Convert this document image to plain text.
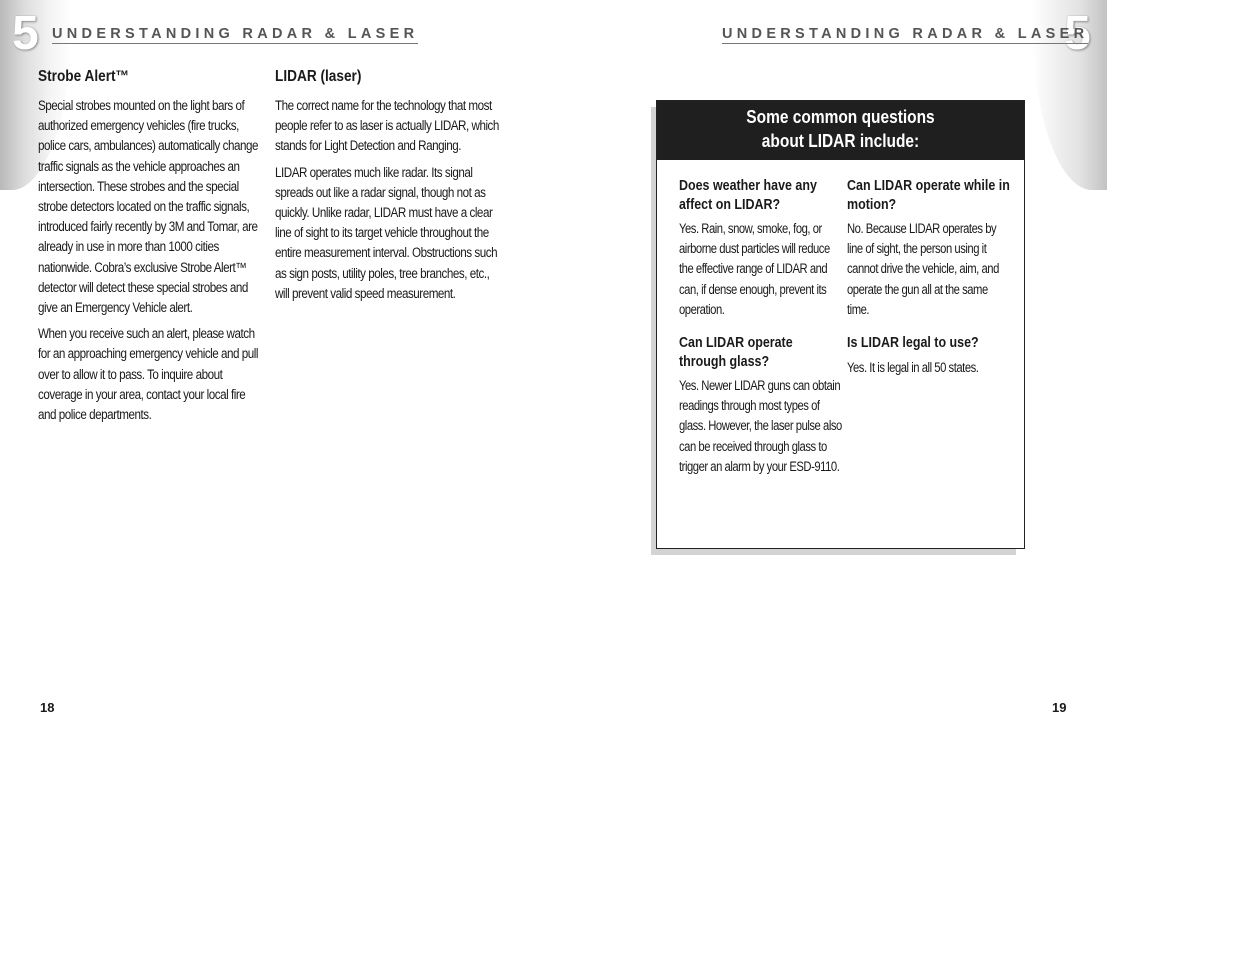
5 UNDERSTANDING RADAR & LASER
Strobe Alert™

Special strobes mounted on the light bars of authorized emergency vehicles (fire trucks, police cars, ambulances) automatically change traffic signals as the vehicle approaches an intersection. These strobes and the special strobe detectors located on the traffic signals, introduced fairly recently by 3M and Tomar, are already in use in more than 1000 cities nationwide. Cobra’s exclusive Strobe Alert™ detector will detect these special strobes and give an Emergency Vehicle alert.

When you receive such an alert, please watch for an approaching emergency vehicle and pull over to allow it to pass. To inquire about coverage in your area, contact your local fire and police departments.

LIDAR (laser)

The correct name for the technology that most people refer to as laser is actually LIDAR, which stands for Light Detection and Ranging.

LIDAR operates much like radar. Its signal spreads out like a radar signal, though not as quickly. Unlike radar, LIDAR must have a clear line of sight to its target vehicle throughout the entire measurement interval. Obstructions such as sign posts, utility poles, tree branches, etc., will prevent valid speed measurement.

18
5
UNDERSTANDING RADAR & LASER
Some common questions
about LIDAR include:
Does weather have any affect on LIDAR?

Yes. Rain, snow, smoke, fog, or airborne dust particles will reduce the effective range of LIDAR and can, if dense enough, prevent its operation.

Can LIDAR operate through glass?

Yes. Newer LIDAR guns can obtain readings through most types of glass. However, the laser pulse also can be received through glass to trigger an alarm by your ESD-9110.

Can LIDAR operate while in motion?

No. Because LIDAR operates by line of sight, the person using it cannot drive the vehicle, aim, and operate the gun all at the same time.

Is LIDAR legal to use?

Yes. It is legal in all 50 states.

19
